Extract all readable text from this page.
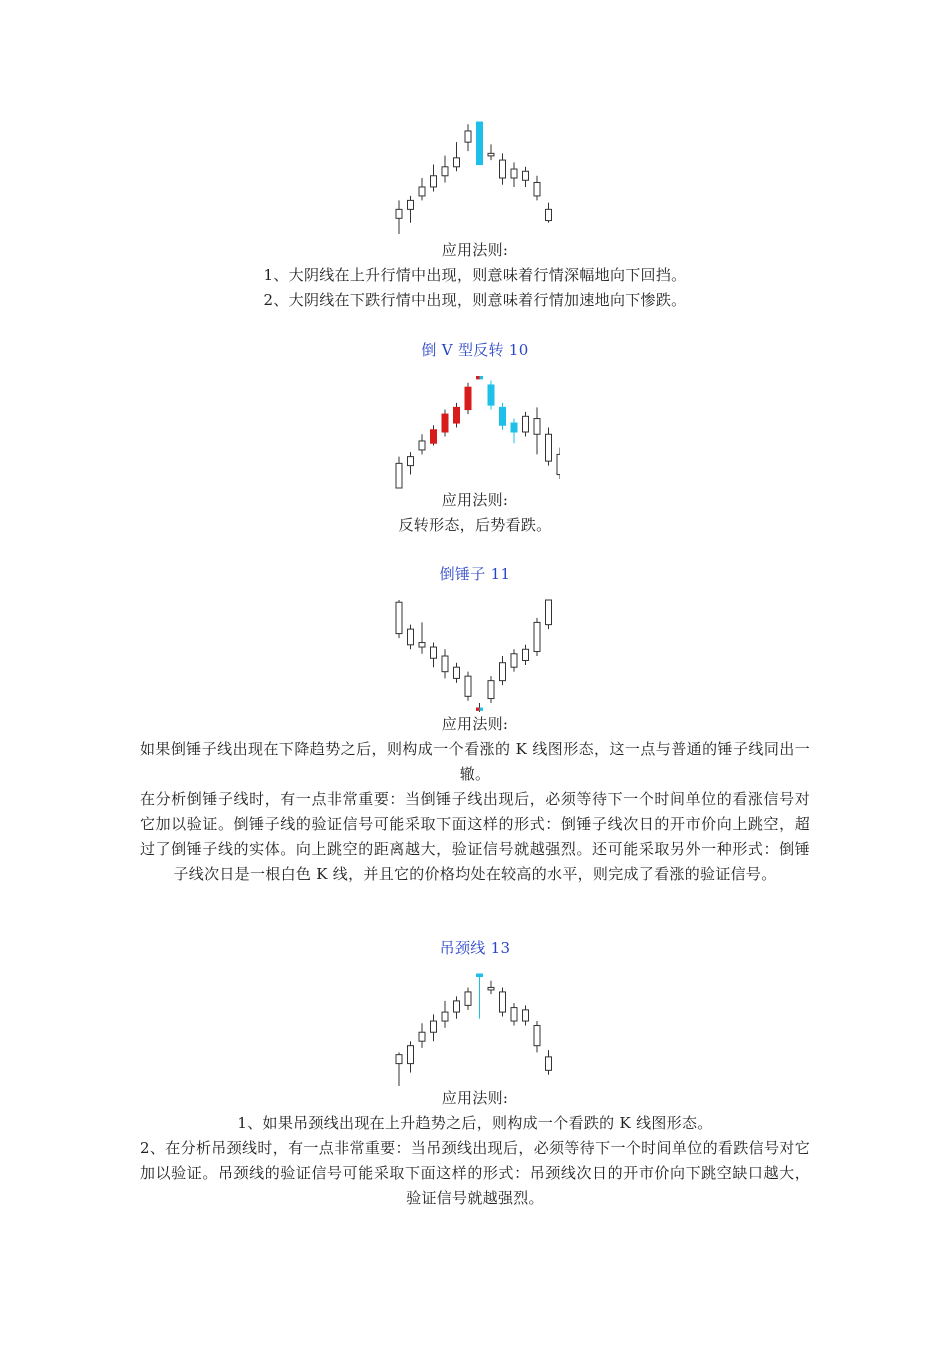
应用法则:
1、大阴线在上升行情中出现，则意味着行情深幅地向下回挡。
2、大阴线在下跌行情中出现，则意味着行情加速地向下惨跌。
倒 V 型反转 10
应用法则:
反转形态，后势看跌。
倒锤子 11
应用法则:
如果倒锤子线出现在下降趋势之后，则构成一个看涨的 K 线图形态，这一点与普通的锤子线同出一辙。
在分析倒锤子线时，有一点非常重要：当倒锤子线出现后，必须等待下一个时间单位的看涨信号对它加以验证。倒锤子线的验证信号可能采取下面这样的形式：倒锤子线次日的开市价向上跳空，超过了倒锤子线的实体。向上跳空的距离越大，验证信号就越强烈。还可能采取另外一种形式：倒锤子线次日是一根白色 K 线，并且它的价格均处在较高的水平，则完成了看涨的验证信号。
吊颈线 13
应用法则:
1、如果吊颈线出现在上升趋势之后，则构成一个看跌的 K 线图形态。
2、在分析吊颈线时，有一点非常重要：当吊颈线出现后，必须等待下一个时间单位的看跌信号对它加以验证。吊颈线的验证信号可能采取下面这样的形式：吊颈线次日的开市价向下跳空缺口越大，验证信号就越强烈。
